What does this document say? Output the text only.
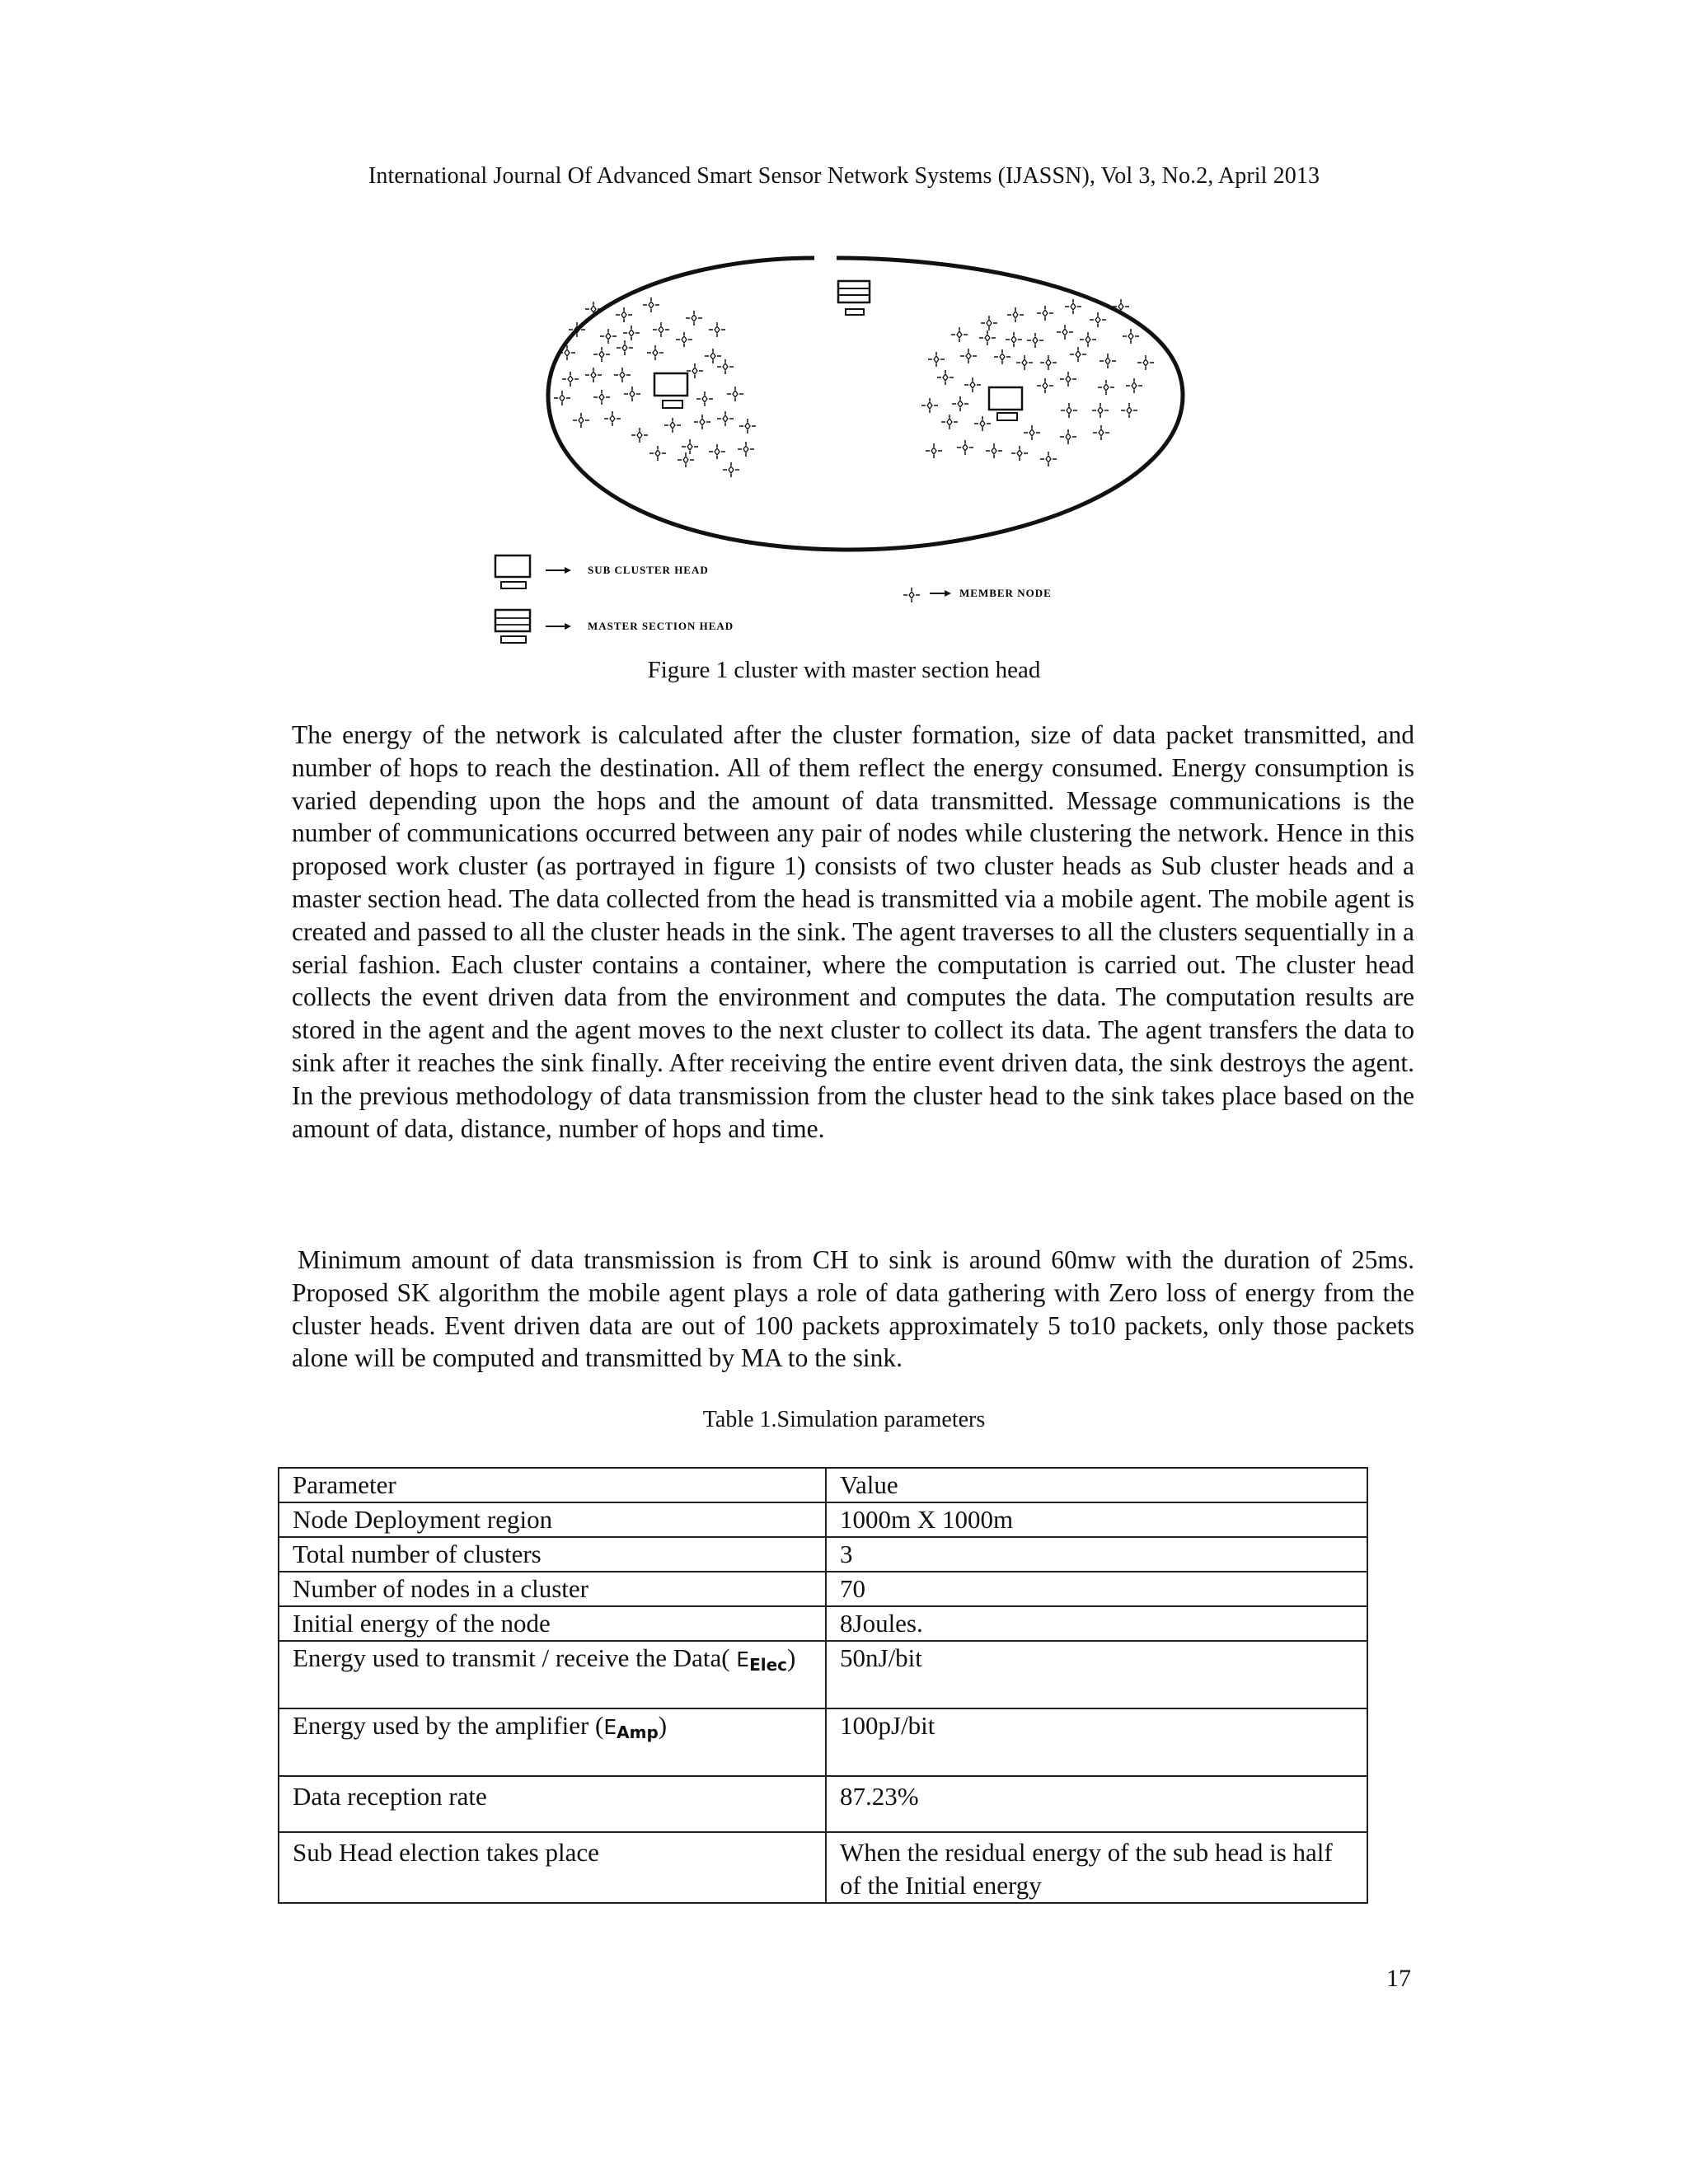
International Journal Of Advanced Smart Sensor Network Systems (IJASSN), Vol 3, No.2, April 2013
SUB CLUSTER HEAD
MASTER SECTION HEAD
MEMBER NODE
Figure 1 cluster with master section head

The energy of the network is calculated after the cluster formation, size of data packet transmitted, and number of hops to reach the destination. All of them reflect the energy consumed. Energy consumption is varied depending upon the hops and the amount of data transmitted. Message communications is the number of communications occurred between any pair of nodes while clustering the network. Hence in this proposed work cluster (as portrayed in figure 1) consists of two cluster heads as Sub cluster heads and a master section head. The data collected from the head is transmitted via a mobile agent. The mobile agent is created and passed to all the cluster heads in the sink. The agent traverses to all the clusters sequentially in a serial fashion. Each cluster contains a container, where the computation is carried out. The cluster head collects the event driven data from the environment and computes the data. The computation results are stored in the agent and the agent moves to the next cluster to collect its data. The agent transfers the data to sink after it reaches the sink finally. After receiving the entire event driven data, the sink destroys the agent. In the previous methodology of data transmission from the cluster head to the sink takes place based on the amount of data, distance, number of hops and time.

Minimum amount of data transmission is from CH to sink is around 60mw with the duration of 25ms. Proposed SK algorithm the mobile agent plays a role of data gathering with Zero loss of energy from the cluster heads. Event driven data are out of 100 packets approximately 5 to10 packets, only those packets alone will be computed and transmitted by MA to the sink.

Table 1.Simulation parameters
Parameter	Value
Node Deployment region	1000m X 1000m
Total number of clusters	3
Number of nodes in a cluster	70
Initial energy of the node	8Joules.
Energy used to transmit / receive the Data( $E_{Elec}$)	50nJ/bit
Energy used by the amplifier $(E_{Amp})$	100pJ/bit
Data reception rate	87.23%
Sub Head election takes place	When the residual energy of the sub head is half of the Initial energy
17
